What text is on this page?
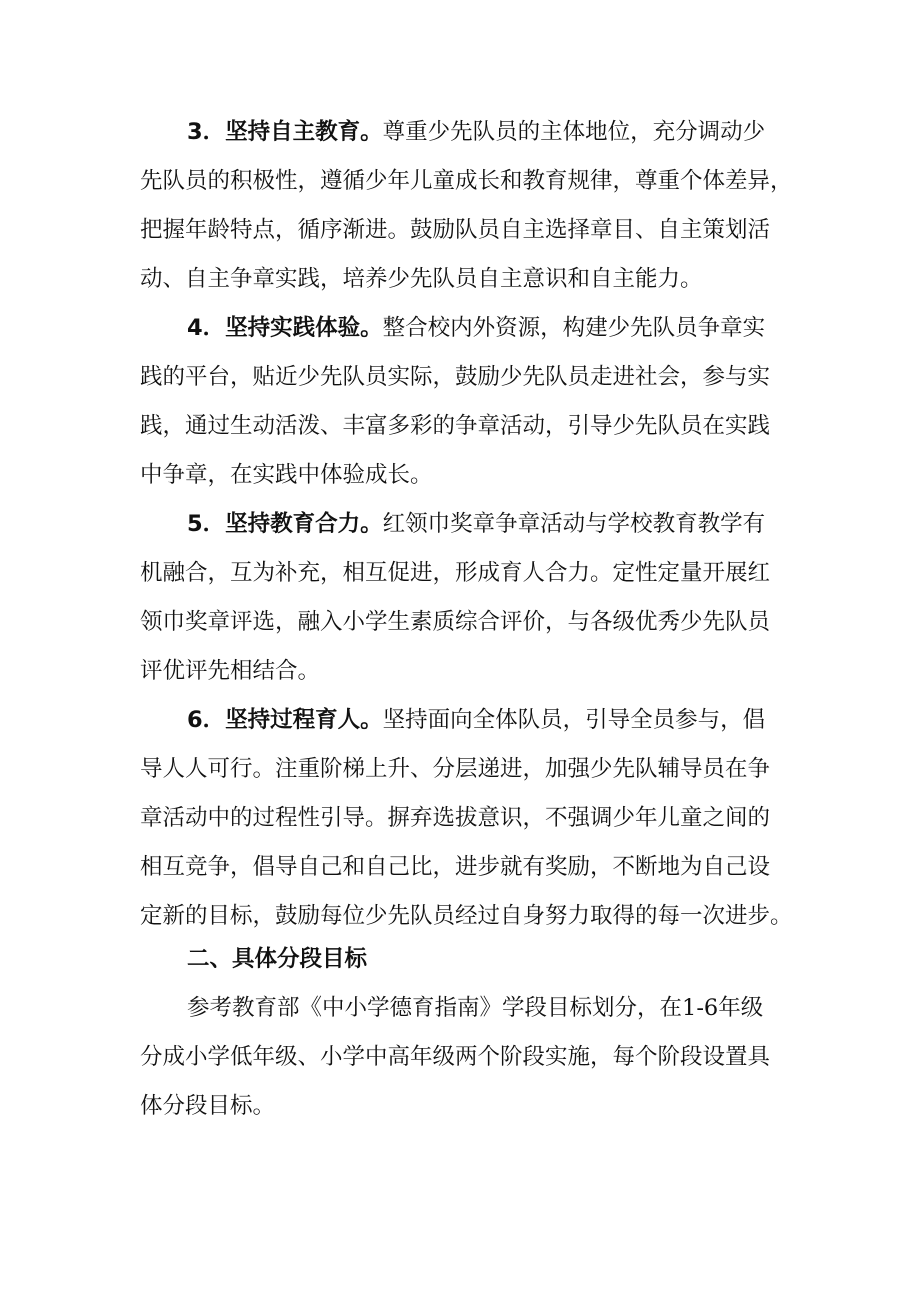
3．坚持自主教育。尊重少先队员的主体地位，充分调动少

先队员的积极性，遵循少年儿童成长和教育规律，尊重个体差异，

把握年龄特点，循序渐进。鼓励队员自主选择章目、自主策划活

动、自主争章实践，培养少先队员自主意识和自主能力。

4．坚持实践体验。整合校内外资源，构建少先队员争章实

践的平台，贴近少先队员实际，鼓励少先队员走进社会，参与实

践，通过生动活泼、丰富多彩的争章活动，引导少先队员在实践

中争章，在实践中体验成长。

5．坚持教育合力。红领巾奖章争章活动与学校教育教学有

机融合，互为补充，相互促进，形成育人合力。定性定量开展红

领巾奖章评选，融入小学生素质综合评价，与各级优秀少先队员

评优评先相结合。

6．坚持过程育人。坚持面向全体队员，引导全员参与，倡

导人人可行。注重阶梯上升、分层递进，加强少先队辅导员在争

章活动中的过程性引导。摒弃选拔意识，不强调少年儿童之间的

相互竞争，倡导自己和自己比，进步就有奖励，不断地为自己设

定新的目标，鼓励每位少先队员经过自身努力取得的每一次进步。

二、具体分段目标

参考教育部《中小学德育指南》学段目标划分，在1-6年级

分成小学低年级、小学中高年级两个阶段实施，每个阶段设置具

体分段目标。
